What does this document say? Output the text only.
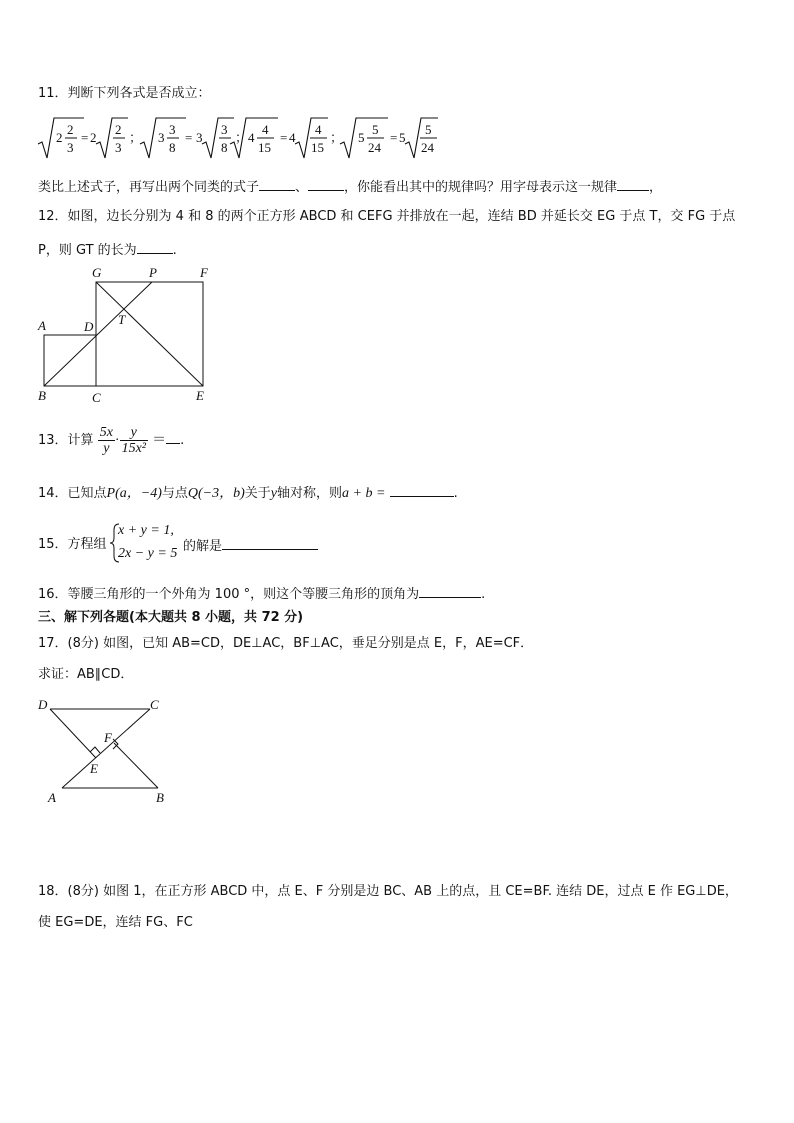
11．判断下列各式是否成立：
2
2
3
= 2
2
3
； 3
3
8
= 3
3
8
； 4
4
15
= 4
4
15
； 5
5
24
= 5
5
24
类比上述式子，再写出两个同类的式子	、	，你能看出其中的规律吗？用字母表示这一规律 ，
12．如图，边长分别为 4 和 8 的两个正方形 ABCD 和 CEFG 并排放在一起，连结 BD 并延长交 EG 于点 T，交 FG 于点
P，则 GT 的长为	.
G	P	F
A	D T
B	C	E
13．计算 $\frac{5x}{y} \cdot \frac{y}{\text{15x²}}$ ＝ .
14．已知点P(a，−4)与点Q(−3，b)关于y轴对称，则a + b =	.
15．方程组
x + y = 1,
2x − y = 5 的解是
16．等腰三角形的一个外角为 100 °，则这个等腰三角形的顶角为	.
三、解下列各题(本大题共 8 小题，共 72 分)
17．(8分) 如图，已知 AB=CD，DE⊥AC，BF⊥AC，垂足分别是点 E，F，AE=CF．
求证：AB∥CD．
D	C
F
E
A	B
18．(8分) 如图 1，在正方形 ABCD 中，点 E、F 分别是边 BC、AB 上的点，且 CE=BF. 连结 DE，过点 E 作 EG⊥DE，
使 EG=DE，连结 FG、FC
